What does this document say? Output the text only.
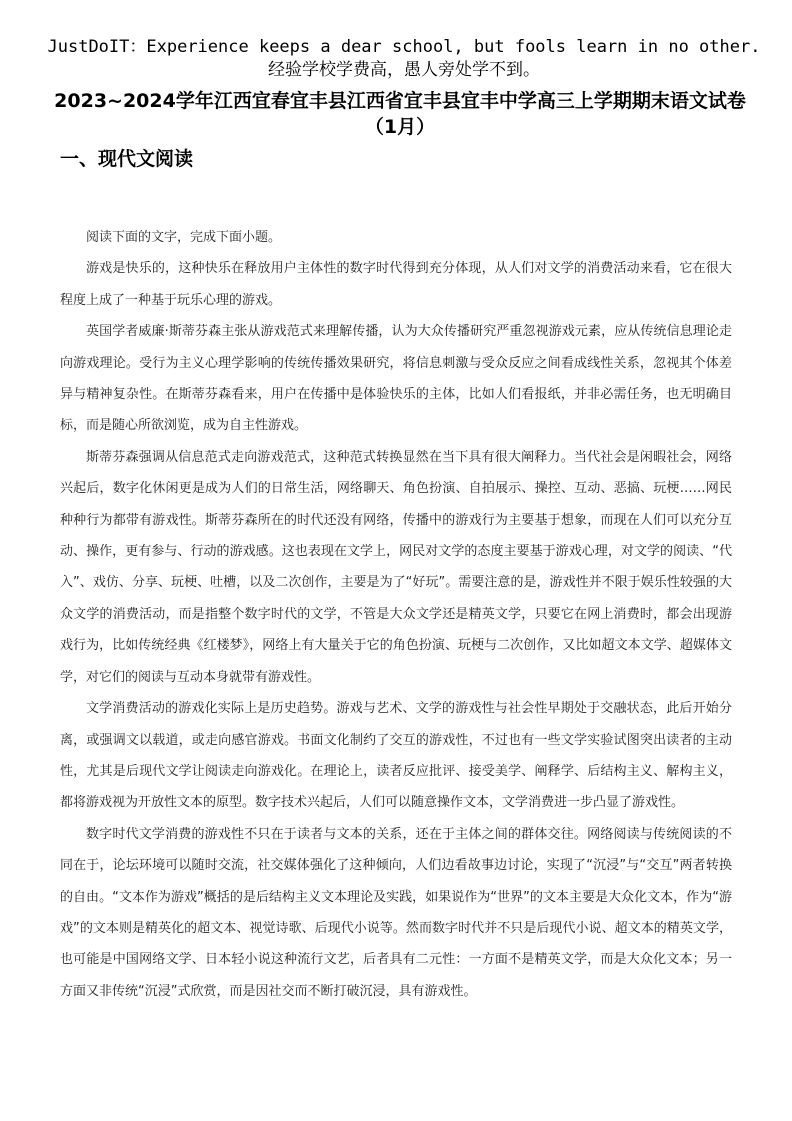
JustDoIT：Experience keeps a dear school, but fools learn in no other.经验学校学费高，愚人旁处学不到。
2023~2024学年江西宜春宜丰县江西省宜丰县宜丰中学高三上学期期末语文试卷（1月）
一、现代文阅读

阅读下面的文字，完成下面小题。

游戏是快乐的，这种快乐在释放用户主体性的数字时代得到充分体现，从人们对文学的消费活动来看，它在很大程度上成了一种基于玩乐心理的游戏。

英国学者威廉·斯蒂芬森主张从游戏范式来理解传播，认为大众传播研究严重忽视游戏元素，应从传统信息理论走向游戏理论。受行为主义心理学影响的传统传播效果研究，将信息刺激与受众反应之间看成线性关系，忽视其个体差异与精神复杂性。在斯蒂芬森看来，用户在传播中是体验快乐的主体，比如人们看报纸，并非必需任务，也无明确目标，而是随心所欲浏览，成为自主性游戏。

斯蒂芬森强调从信息范式走向游戏范式，这种范式转换显然在当下具有很大阐释力。当代社会是闲暇社会，网络兴起后，数字化休闲更是成为人们的日常生活，网络聊天、角色扮演、自拍展示、操控、互动、恶搞、玩梗……网民种种行为都带有游戏性。斯蒂芬森所在的时代还没有网络，传播中的游戏行为主要基于想象，而现在人们可以充分互动、操作，更有参与、行动的游戏感。这也表现在文学上，网民对文学的态度主要基于游戏心理，对文学的阅读、“代入”、戏仿、分享、玩梗、吐槽，以及二次创作，主要是为了“好玩”。需要注意的是，游戏性并不限于娱乐性较强的大众文学的消费活动，而是指整个数字时代的文学，不管是大众文学还是精英文学，只要它在网上消费时，都会出现游戏行为，比如传统经典《红楼梦》，网络上有大量关于它的角色扮演、玩梗与二次创作，又比如超文本文学、超媒体文学，对它们的阅读与互动本身就带有游戏性。

文学消费活动的游戏化实际上是历史趋势。游戏与艺术、文学的游戏性与社会性早期处于交融状态，此后开始分离，或强调文以载道，或走向感官游戏。书面文化制约了交互的游戏性，不过也有一些文学实验试图突出读者的主动性，尤其是后现代文学让阅读走向游戏化。在理论上，读者反应批评、接受美学、阐释学、后结构主义、解构主义，都将游戏视为开放性文本的原型。数字技术兴起后，人们可以随意操作文本，文学消费进一步凸显了游戏性。

数字时代文学消费的游戏性不只在于读者与文本的关系，还在于主体之间的群体交往。网络阅读与传统阅读的不同在于，论坛环境可以随时交流，社交媒体强化了这种倾向，人们边看故事边讨论，实现了“沉浸”与“交互”两者转换的自由。“文本作为游戏”概括的是后结构主义文本理论及实践，如果说作为“世界”的文本主要是大众化文本，作为“游戏”的文本则是精英化的超文本、视觉诗歌、后现代小说等。然而数字时代并不只是后现代小说、超文本的精英文学，也可能是中国网络文学、日本轻小说这种流行文艺，后者具有二元性：一方面不是精英文学，而是大众化文本；另一方面又非传统“沉浸”式欣赏，而是因社交而不断打破沉浸，具有游戏性。
